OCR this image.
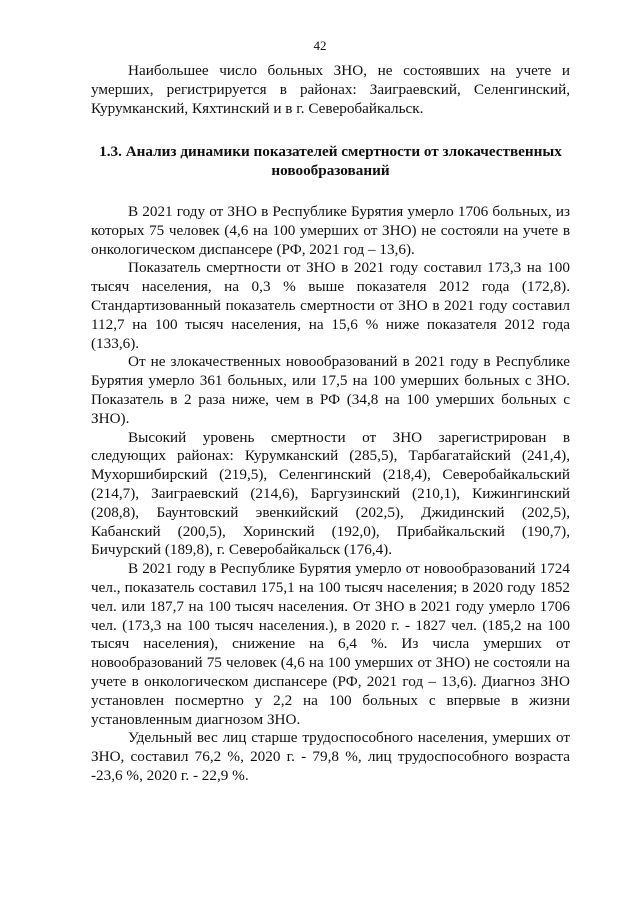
42

Наибольшее число больных ЗНО, не состоявших на учете и умерших, регистрируется в районах: Заиграевский, Селенгинский, Курумканский, Кяхтинский и в г. Северобайкальск.

1.3. Анализ динамики показателей смертности от злокачественных новообразований

В 2021 году от ЗНО в Республике Бурятия умерло 1706 больных, из которых 75 человек (4,6 на 100 умерших от ЗНО) не состояли на учете в онкологическом диспансере (РФ, 2021 год – 13,6).

Показатель смертности от ЗНО в 2021 году составил 173,3 на 100 тысяч населения, на 0,3 % выше показателя 2012 года (172,8). Стандартизованный показатель смертности от ЗНО в 2021 году составил 112,7 на 100 тысяч населения, на 15,6 % ниже показателя 2012 года (133,6).

От не злокачественных новообразований в 2021 году в Республике Бурятия умерло 361 больных, или 17,5 на 100 умерших больных с ЗНО. Показатель в 2 раза ниже, чем в РФ (34,8 на 100 умерших больных с ЗНО).

Высокий уровень смертности от ЗНО зарегистрирован в следующих районах: Курумканский (285,5), Тарбагатайский (241,4), Мухоршибирский (219,5), Селенгинский (218,4), Северобайкальский (214,7), Заиграевский (214,6), Баргузинский (210,1), Кижингинский (208,8), Баунтовский эвенкийский (202,5), Джидинский (202,5), Кабанский (200,5), Хоринский (192,0), Прибайкальский (190,7), Бичурский (189,8), г. Северобайкальск (176,4).

В 2021 году в Республике Бурятия умерло от новообразований 1724 чел., показатель составил 175,1 на 100 тысяч населения; в 2020 году 1852 чел. или 187,7 на 100 тысяч населения. От ЗНО в 2021 году умерло 1706 чел. (173,3 на 100 тысяч населения.), в 2020 г. - 1827 чел. (185,2 на 100 тысяч населения), снижение на 6,4 %. Из числа умерших от новообразований 75 человек (4,6 на 100 умерших от ЗНО) не состояли на учете в онкологическом диспансере (РФ, 2021 год – 13,6). Диагноз ЗНО установлен посмертно у 2,2 на 100 больных с впервые в жизни установленным диагнозом ЗНО.

Удельный вес лиц старше трудоспособного населения, умерших от ЗНО, составил 76,2 %, 2020 г. - 79,8 %, лиц трудоспособного возраста -23,6 %, 2020 г. - 22,9 %.
